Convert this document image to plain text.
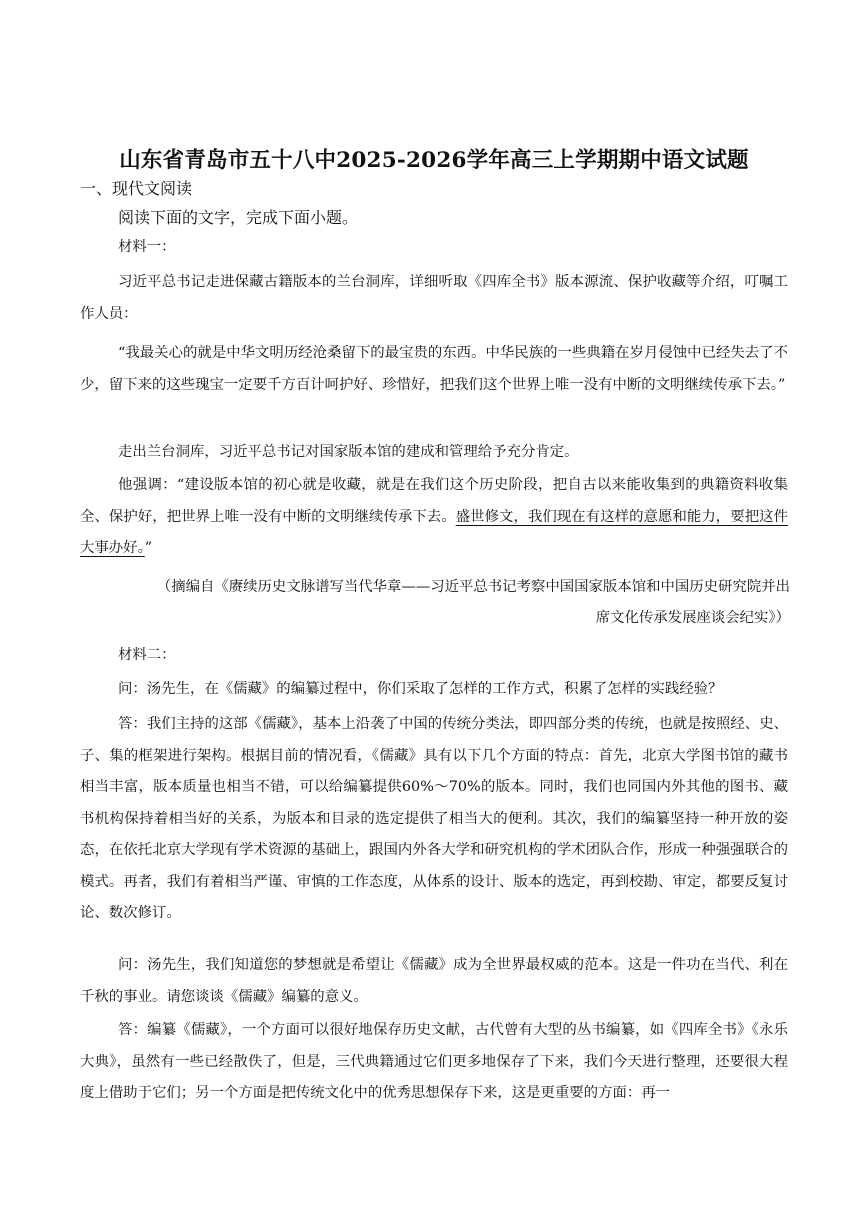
山东省青岛市五十八中2025-2026学年高三上学期期中语文试题
一、现代文阅读
阅读下面的文字，完成下面小题。
材料一：
习近平总书记走进保藏古籍版本的兰台洞库，详细听取《四库全书》版本源流、保护收藏等介绍，叮嘱工作人员：
“我最关心的就是中华文明历经沧桑留下的最宝贵的东西。中华民族的一些典籍在岁月侵蚀中已经失去了不少，留下来的这些瑰宝一定要千方百计呵护好、珍惜好，把我们这个世界上唯一没有中断的文明继续传承下去。”
走出兰台洞库，习近平总书记对国家版本馆的建成和管理给予充分肯定。
他强调：“建设版本馆的初心就是收藏，就是在我们这个历史阶段，把自古以来能收集到的典籍资料收集全、保护好，把世界上唯一没有中断的文明继续传承下去。盛世修文，我们现在有这样的意愿和能力，要把这件大事办好。”
（摘编自《赓续历史文脉谱写当代华章——习近平总书记考察中国国家版本馆和中国历史研究院并出
席文化传承发展座谈会纪实》）
材料二：
问：汤先生，在《儒藏》的编纂过程中，你们采取了怎样的工作方式，积累了怎样的实践经验？
答：我们主持的这部《儒藏》，基本上沿袭了中国的传统分类法，即四部分类的传统，也就是按照经、史、子、集的框架进行架构。根据目前的情况看，《儒藏》具有以下几个方面的特点：首先，北京大学图书馆的藏书相当丰富，版本质量也相当不错，可以给编纂提供60%～70%的版本。同时，我们也同国内外其他的图书、藏书机构保持着相当好的关系，为版本和目录的选定提供了相当大的便利。其次，我们的编纂坚持一种开放的姿态，在依托北京大学现有学术资源的基础上，跟国内外各大学和研究机构的学术团队合作，形成一种强强联合的模式。再者，我们有着相当严谨、审慎的工作态度，从体系的设计、版本的选定，再到校勘、审定，都要反复讨论、数次修订。
问：汤先生，我们知道您的梦想就是希望让《儒藏》成为全世界最权威的范本。这是一件功在当代、利在千秋的事业。请您谈谈《儒藏》编纂的意义。
答：编纂《儒藏》，一个方面可以很好地保存历史文献，古代曾有大型的丛书编纂，如《四库全书》《永乐大典》，虽然有一些已经散佚了，但是，三代典籍通过它们更多地保存了下来，我们今天进行整理，还要很大程度上借助于它们；另一个方面是把传统文化中的优秀思想保存下来，这是更重要的方面：再一
